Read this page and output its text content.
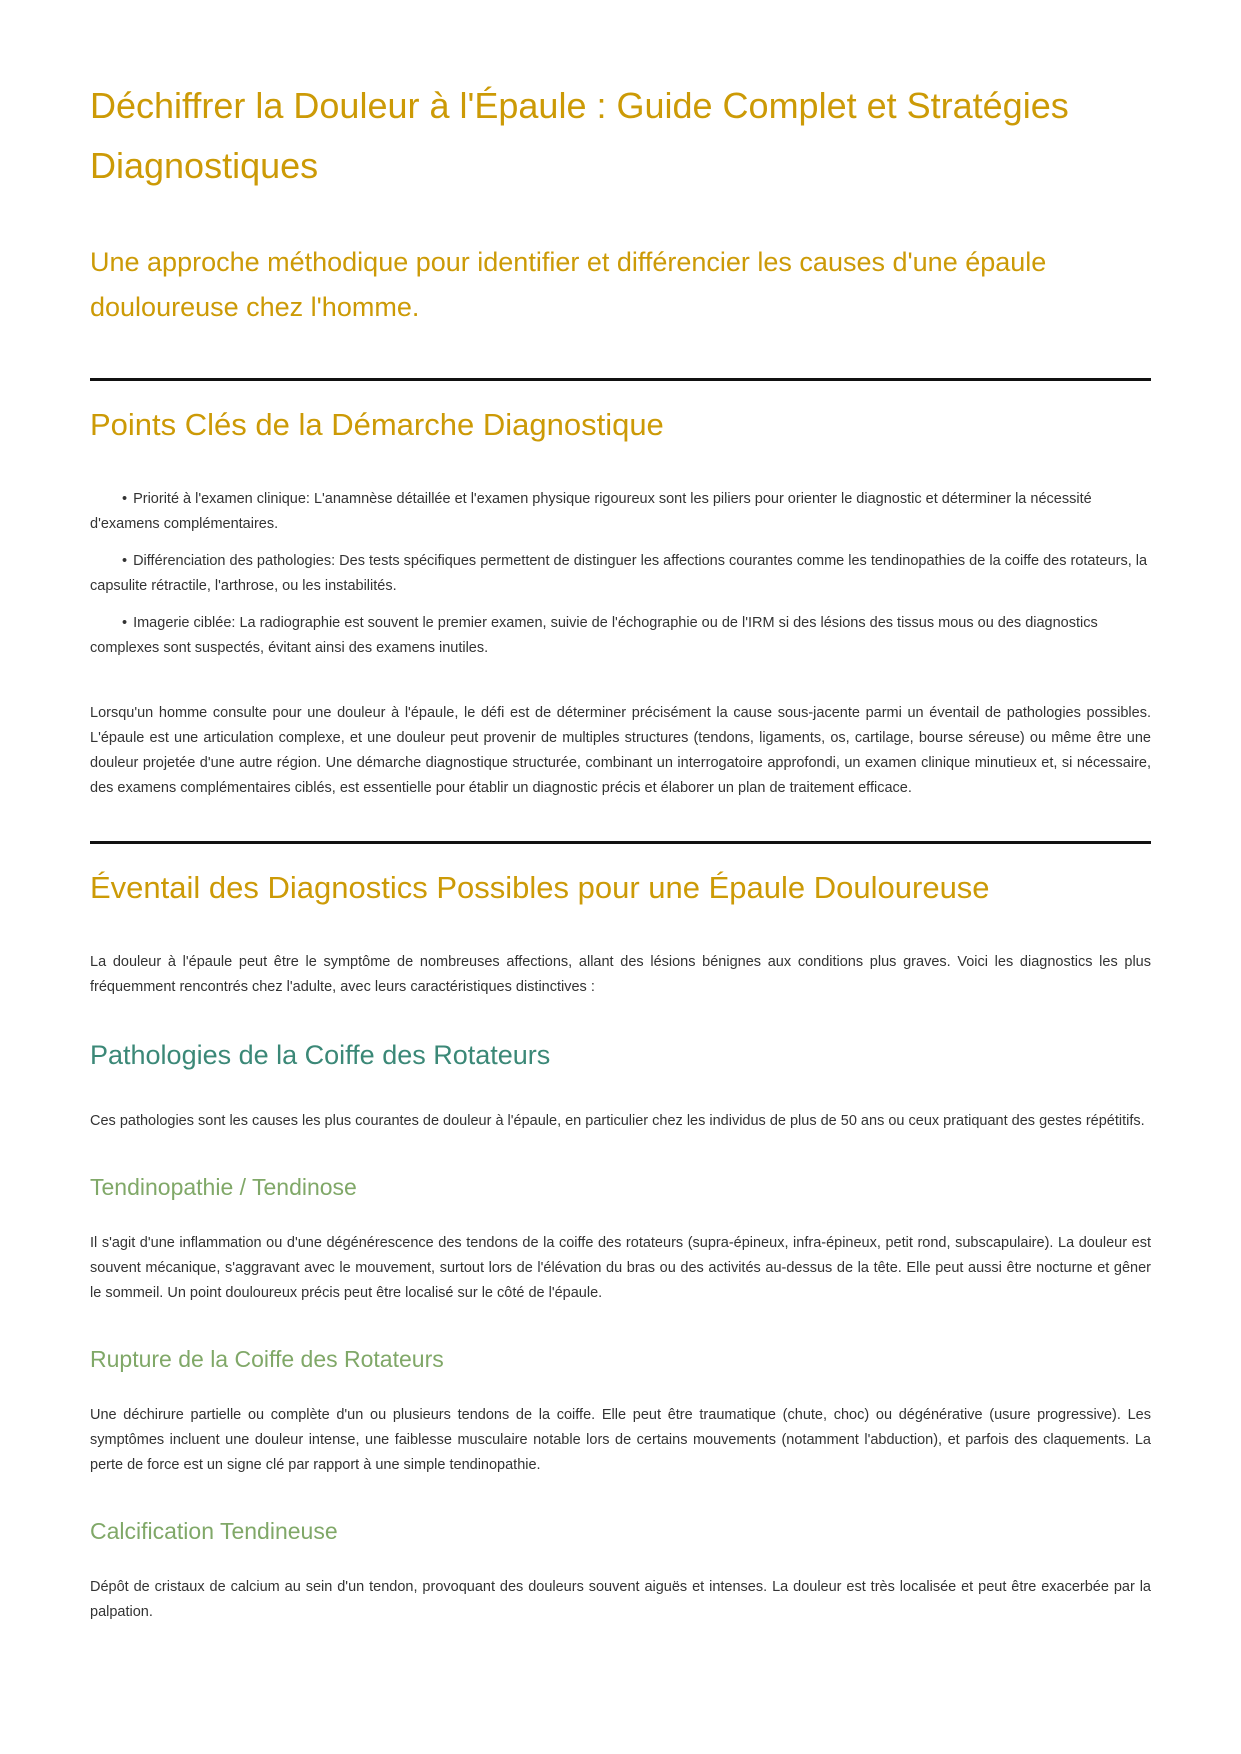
Déchiffrer la Douleur à l'Épaule : Guide Complet et Stratégies Diagnostiques
Une approche méthodique pour identifier et différencier les causes d'une épaule douloureuse chez l'homme.
Points Clés de la Démarche Diagnostique
• Priorité à l'examen clinique: L'anamnèse détaillée et l'examen physique rigoureux sont les piliers pour orienter le diagnostic et déterminer la nécessité d'examens complémentaires.
• Différenciation des pathologies: Des tests spécifiques permettent de distinguer les affections courantes comme les tendinopathies de la coiffe des rotateurs, la capsulite rétractile, l'arthrose, ou les instabilités.
• Imagerie ciblée: La radiographie est souvent le premier examen, suivie de l'échographie ou de l'IRM si des lésions des tissus mous ou des diagnostics complexes sont suspectés, évitant ainsi des examens inutiles.

Lorsqu'un homme consulte pour une douleur à l'épaule, le défi est de déterminer précisément la cause sous-jacente parmi un éventail de pathologies possibles. L'épaule est une articulation complexe, et une douleur peut provenir de multiples structures (tendons, ligaments, os, cartilage, bourse séreuse) ou même être une douleur projetée d'une autre région. Une démarche diagnostique structurée, combinant un interrogatoire approfondi, un examen clinique minutieux et, si nécessaire, des examens complémentaires ciblés, est essentielle pour établir un diagnostic précis et élaborer un plan de traitement efficace.

Éventail des Diagnostics Possibles pour une Épaule Douloureuse

La douleur à l'épaule peut être le symptôme de nombreuses affections, allant des lésions bénignes aux conditions plus graves. Voici les diagnostics les plus fréquemment rencontrés chez l'adulte, avec leurs caractéristiques distinctives :

Pathologies de la Coiffe des Rotateurs

Ces pathologies sont les causes les plus courantes de douleur à l'épaule, en particulier chez les individus de plus de 50 ans ou ceux pratiquant des gestes répétitifs.

Tendinopathie / Tendinose

Il s'agit d'une inflammation ou d'une dégénérescence des tendons de la coiffe des rotateurs (supra-épineux, infra-épineux, petit rond, subscapulaire). La douleur est souvent mécanique, s'aggravant avec le mouvement, surtout lors de l'élévation du bras ou des activités au-dessus de la tête. Elle peut aussi être nocturne et gêner le sommeil. Un point douloureux précis peut être localisé sur le côté de l'épaule.

Rupture de la Coiffe des Rotateurs

Une déchirure partielle ou complète d'un ou plusieurs tendons de la coiffe. Elle peut être traumatique (chute, choc) ou dégénérative (usure progressive). Les symptômes incluent une douleur intense, une faiblesse musculaire notable lors de certains mouvements (notamment l'abduction), et parfois des claquements. La perte de force est un signe clé par rapport à une simple tendinopathie.

Calcification Tendineuse

Dépôt de cristaux de calcium au sein d'un tendon, provoquant des douleurs souvent aiguës et intenses. La douleur est très localisée et peut être exacerbée par la palpation.
